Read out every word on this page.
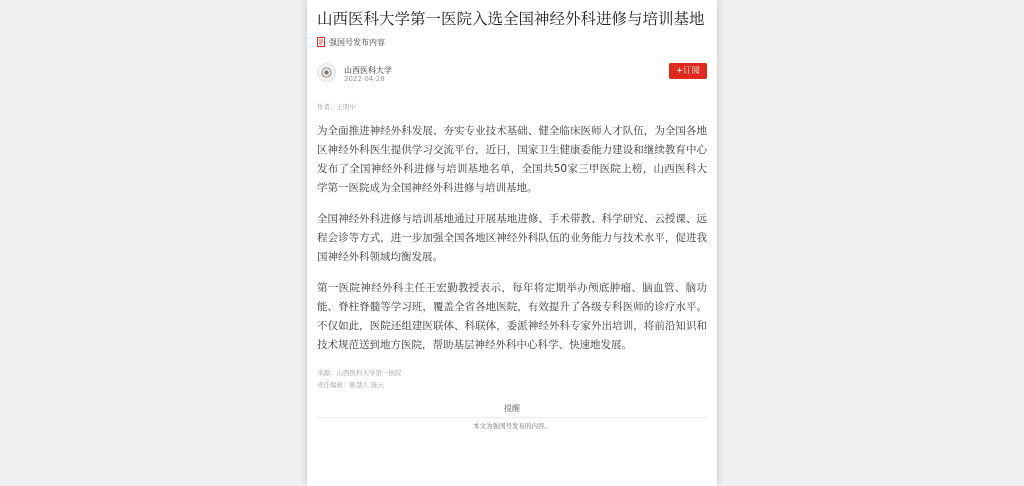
山西医科大学第一医院入选全国神经外科进修与培训基地
强国号发布内容
山西医科大学
2022-04-28
+订阅
作者：王明中

为全面推进神经外科发展、夯实专业技术基础、健全临床医师人才队伍，为全国各地区神经外科医生提供学习交流平台，近日，国家卫生健康委能力建设和继续教育中心发布了全国神经外科进修与培训基地名单，全国共50家三甲医院上榜，山西医科大学第一医院成为全国神经外科进修与培训基地。

全国神经外科进修与培训基地通过开展基地进修、手术带教、科学研究、云授课、远程会诊等方式，进一步加强全国各地区神经外科队伍的业务能力与技术水平，促进我国神经外科领域均衡发展。

第一医院神经外科主任王宏勤教授表示，每年将定期举办颅底肿瘤、脑血管、脑功能、脊柱脊髓等学习班，覆盖全省各地医院，有效提升了各级专科医师的诊疗水平。不仅如此，医院还组建医联体、科联体，委派神经外科专家外出培训，将前沿知识和技术规范送到地方医院，帮助基层神经外科中心科学、快速地发展。

来源：山西医科大学第一医院
责任编辑：陈慧久 陈云
提醒
本文为强国号发布的内容。
